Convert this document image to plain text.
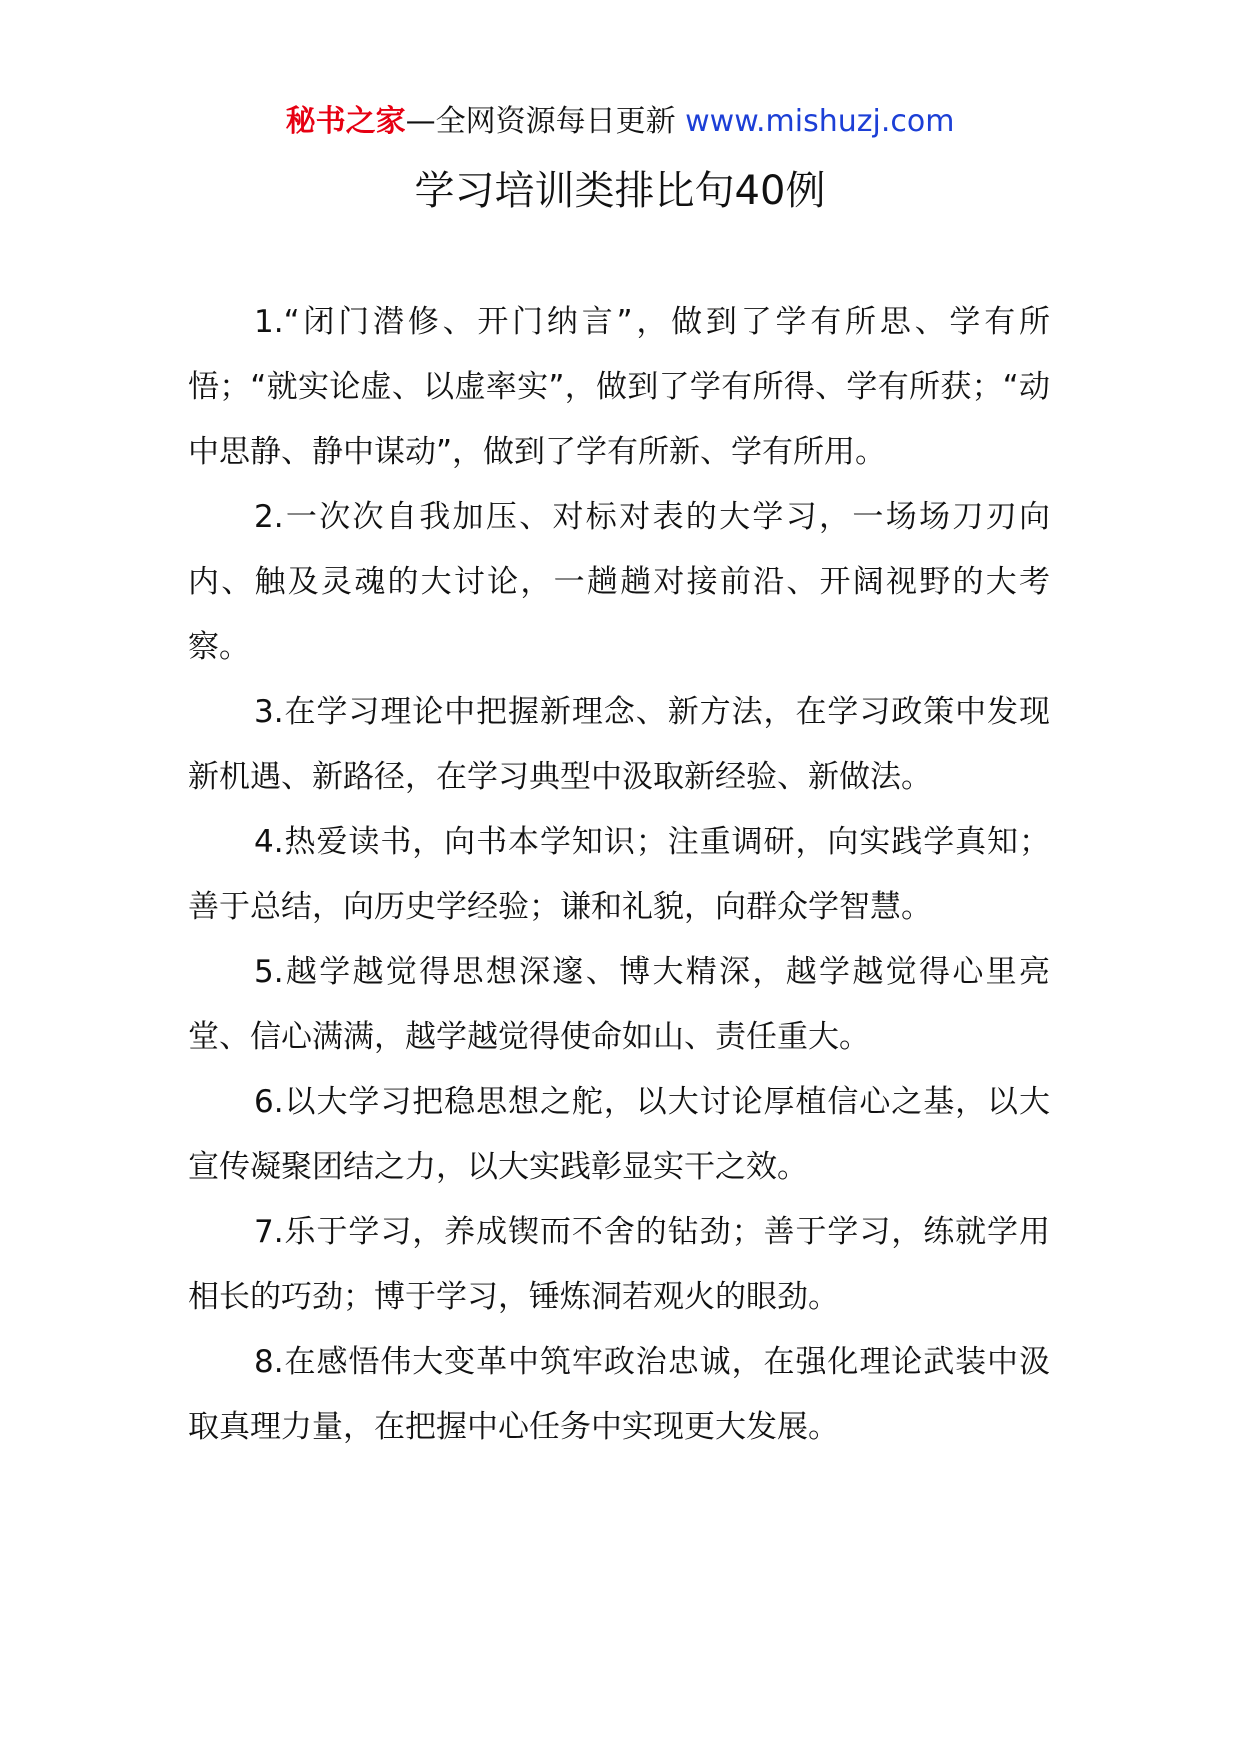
秘书之家—全网资源每日更新 www.mishuzj.com
学习培训类排比句40例

1.“闭门潜修、开门纳言”，做到了学有所思、学有所悟；“就实论虚、以虚率实”，做到了学有所得、学有所获；“动中思静、静中谋动”，做到了学有所新、学有所用。

2.一次次自我加压、对标对表的大学习，一场场刀刃向内、触及灵魂的大讨论，一趟趟对接前沿、开阔视野的大考察。

3.在学习理论中把握新理念、新方法，在学习政策中发现新机遇、新路径，在学习典型中汲取新经验、新做法。

4.热爱读书，向书本学知识；注重调研，向实践学真知；善于总结，向历史学经验；谦和礼貌，向群众学智慧。

5.越学越觉得思想深邃、博大精深，越学越觉得心里亮堂、信心满满，越学越觉得使命如山、责任重大。

6.以大学习把稳思想之舵，以大讨论厚植信心之基，以大宣传凝聚团结之力，以大实践彰显实干之效。

7.乐于学习，养成锲而不舍的钻劲；善于学习，练就学用相长的巧劲；博于学习，锤炼洞若观火的眼劲。

8.在感悟伟大变革中筑牢政治忠诚，在强化理论武装中汲取真理力量，在把握中心任务中实现更大发展。
